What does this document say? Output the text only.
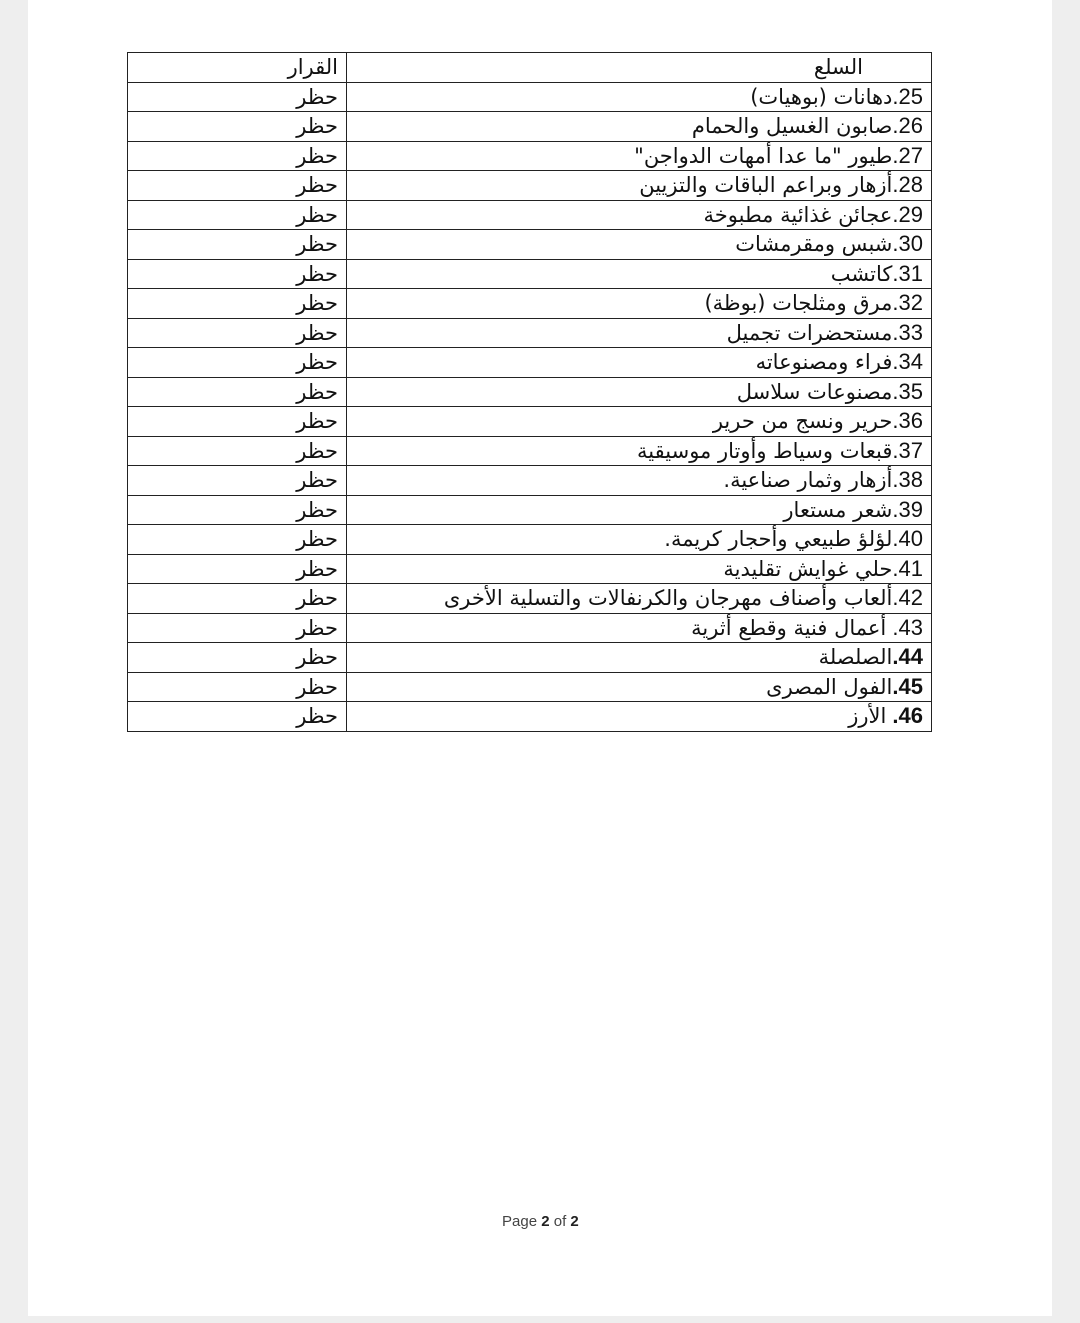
السلع	القرار
25.دهانات (بوهيات)	حظر
26.صابون الغسيل والحمام	حظر
27.طيور "ما عدا أمهات الدواجن"	حظر
28.أزهار وبراعم الباقات والتزيين	حظر
29.عجائن غذائية مطبوخة	حظر
30.شبس ومقرمشات	حظر
31.كاتشب	حظر
32.مرق ومثلجات (بوظة)	حظر
33.مستحضرات تجميل	حظر
34.فراء ومصنوعاته	حظر
35.مصنوعات سلاسل	حظر
36.حرير ونسج من حرير	حظر
37.قبعات وسياط وأوتار موسيقية	حظر
38.أزهار وثمار صناعية.	حظر
39.شعر مستعار	حظر
40.لؤلؤ طبيعي وأحجار كريمة.	حظر
41.حلي غوايش تقليدية	حظر
42.ألعاب وأصناف مهرجان والكرنفالات والتسلية الأخرى	حظر
43. أعمال فنية وقطع أثرية	حظر
44.الصلصلة	حظر
45.الفول المصرى	حظر
46. الأرز	حظر
Page 2 of 2
